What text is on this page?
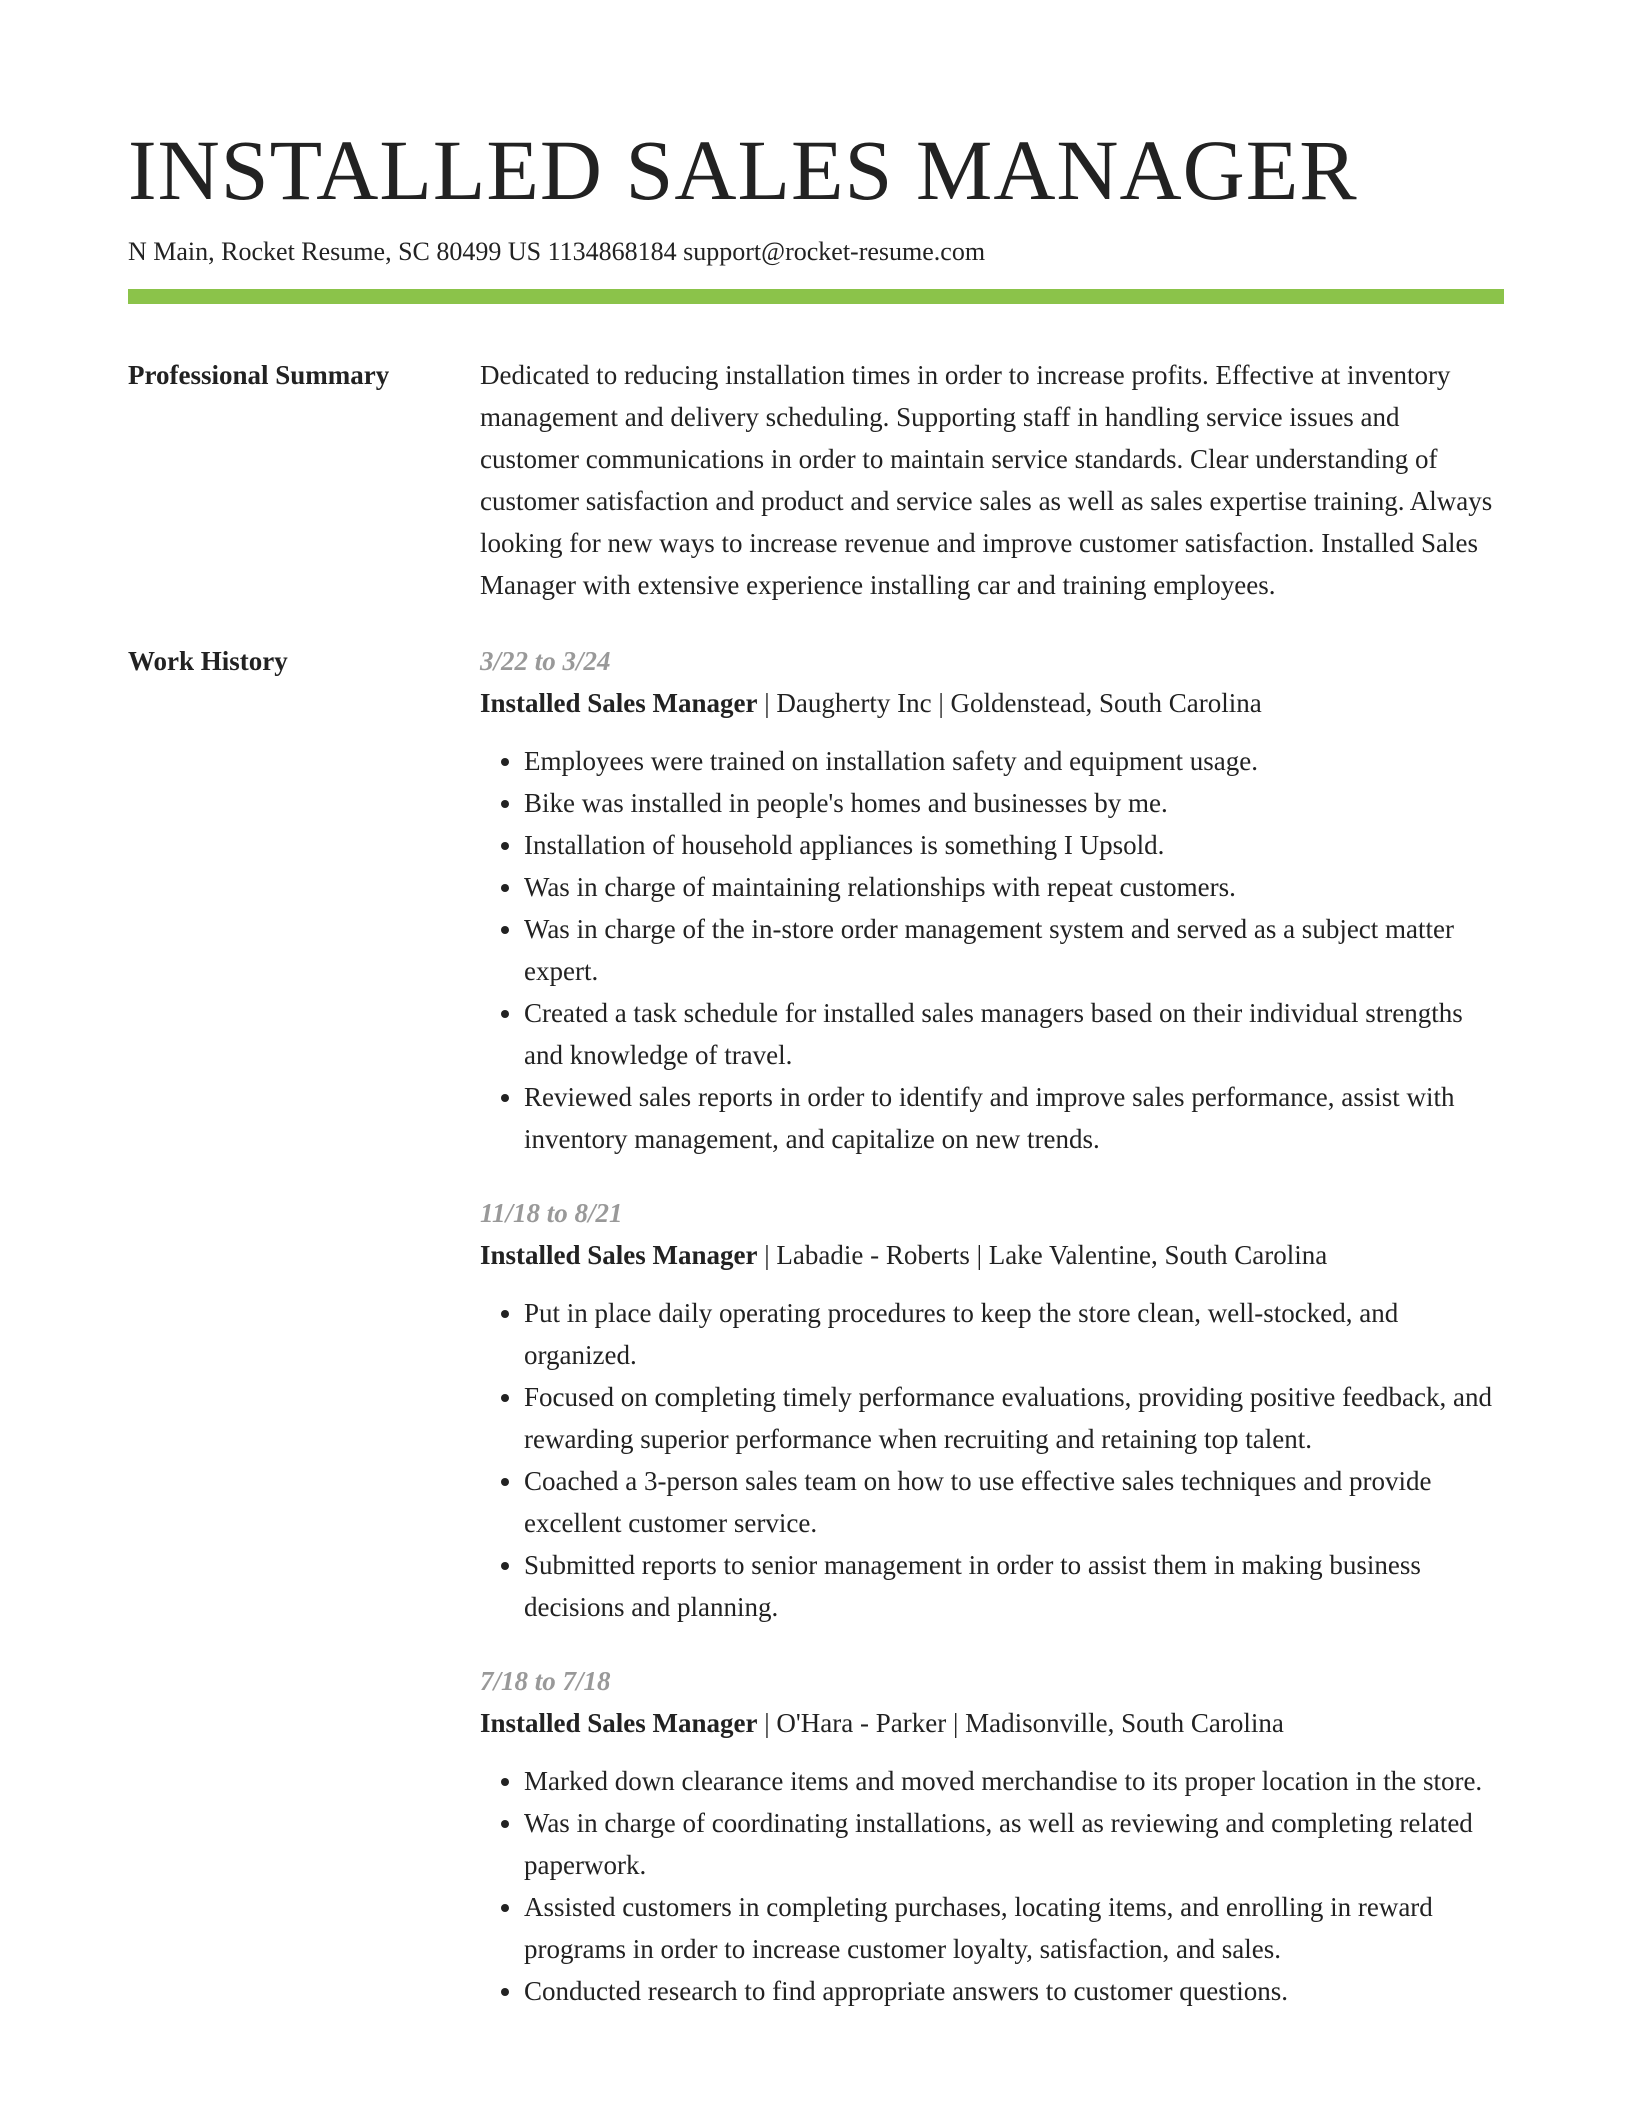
INSTALLED SALES MANAGER
N Main, Rocket Resume, SC 80499 US 1134868184 support@rocket-resume.com
Professional Summary	Dedicated to reducing installation times in order to increase profits. Effective at inventory management and delivery scheduling. Supporting staff in handling service issues and customer communications in order to maintain service standards. Clear understanding of customer satisfaction and product and service sales as well as sales expertise training. Always looking for new ways to increase revenue and improve customer satisfaction. Installed Sales Manager with extensive experience installing car and training employees.

Work History	3/22 to 3/24
Installed Sales Manager | Daugherty Inc | Goldenstead, South Carolina
• Employees were trained on installation safety and equipment usage.
• Bike was installed in people's homes and businesses by me.
• Installation of household appliances is something I Upsold.
• Was in charge of maintaining relationships with repeat customers.
• Was in charge of the in-store order management system and served as a subject matter expert.
• Created a task schedule for installed sales managers based on their individual strengths and knowledge of travel.
• Reviewed sales reports in order to identify and improve sales performance, assist with inventory management, and capitalize on new trends.
11/18 to 8/21
Installed Sales Manager | Labadie - Roberts | Lake Valentine, South Carolina
• Put in place daily operating procedures to keep the store clean, well-stocked, and organized.
• Focused on completing timely performance evaluations, providing positive feedback, and rewarding superior performance when recruiting and retaining top talent.
• Coached a 3-person sales team on how to use effective sales techniques and provide excellent customer service.
• Submitted reports to senior management in order to assist them in making business decisions and planning.
7/18 to 7/18
Installed Sales Manager | O'Hara - Parker | Madisonville, South Carolina
• Marked down clearance items and moved merchandise to its proper location in the store.
• Was in charge of coordinating installations, as well as reviewing and completing related paperwork.
• Assisted customers in completing purchases, locating items, and enrolling in reward programs in order to increase customer loyalty, satisfaction, and sales.
• Conducted research to find appropriate answers to customer questions.
